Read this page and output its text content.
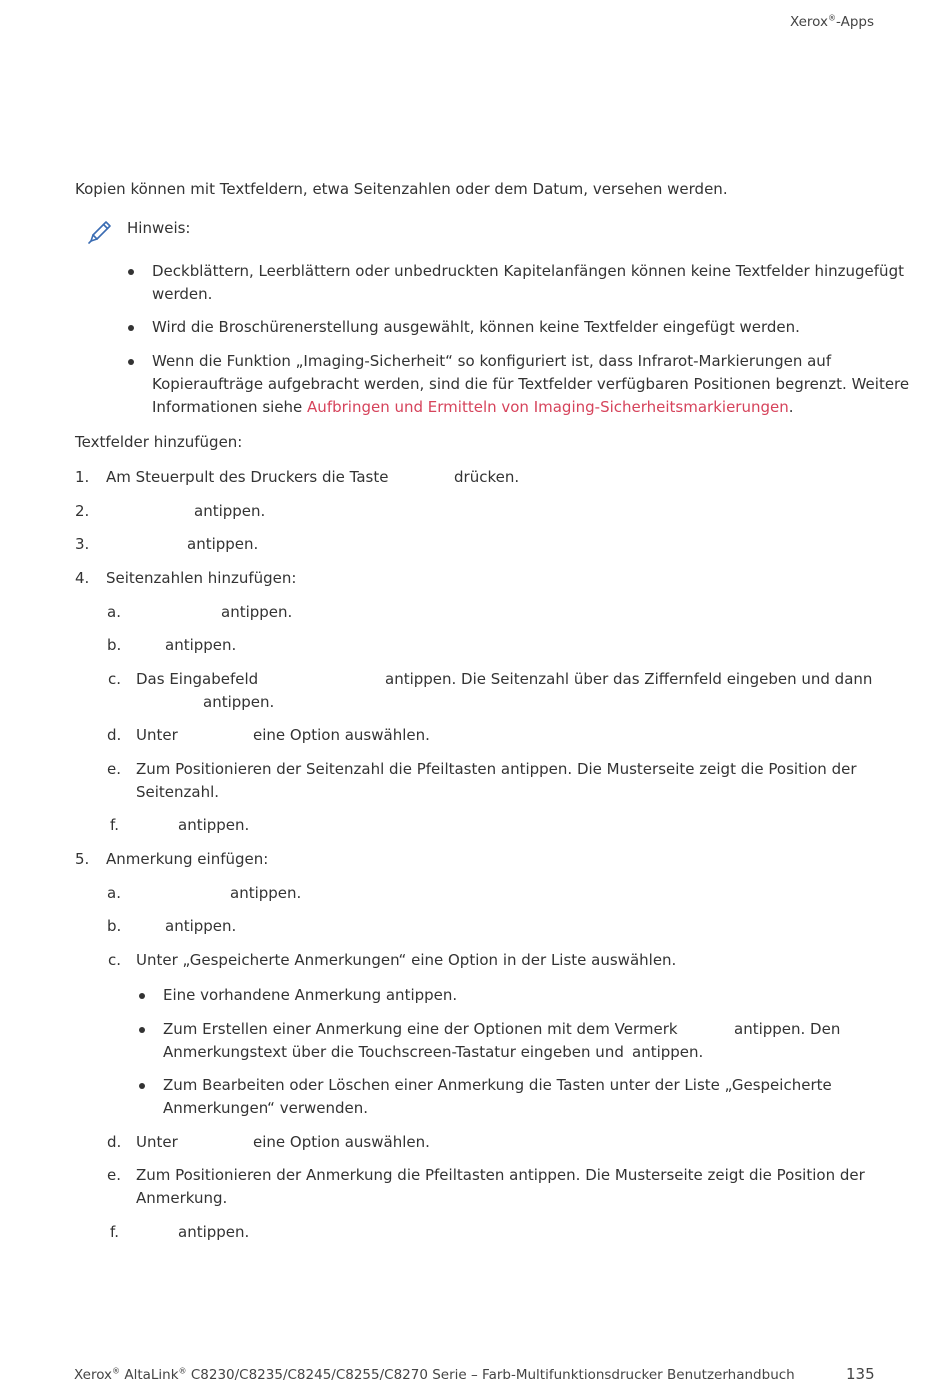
Xerox®-Apps
Kopien können mit Textfeldern, etwa Seitenzahlen oder dem Datum, versehen werden.
Hinweis:
Deckblättern, Leerblättern oder unbedruckten Kapitelanfängen können keine Textfelder hinzugefügt
werden.
Wird die Broschürenerstellung ausgewählt, können keine Textfelder eingefügt werden.
Wenn die Funktion „Imaging-Sicherheit“ so konfiguriert ist, dass Infrarot-Markierungen auf
Kopieraufträge aufgebracht werden, sind die für Textfelder verfügbaren Positionen begrenzt. Weitere
Informationen siehe Aufbringen und Ermitteln von Imaging-Sicherheitsmarkierungen.
Textfelder hinzufügen:
1. Am Steuerpult des Druckers die Taste	drücken.
2.	antippen.
3.	antippen.
4. Seitenzahlen hinzufügen:
a.	antippen.
b.	antippen.
c. Das Eingabefeld	antippen. Die Seitenzahl über das Ziffernfeld eingeben und dann
antippen.
d. Unter	eine Option auswählen.
e. Zum Positionieren der Seitenzahl die Pfeiltasten antippen. Die Musterseite zeigt die Position der
Seitenzahl.
f.	antippen.
5. Anmerkung einfügen:
a.	antippen.
b.	antippen.
c. Unter „Gespeicherte Anmerkungen“ eine Option in der Liste auswählen.
Eine vorhandene Anmerkung antippen.
Zum Erstellen einer Anmerkung eine der Optionen mit dem Vermerk	antippen. Den
Anmerkungstext über die Touchscreen-Tastatur eingeben und antippen.
Zum Bearbeiten oder Löschen einer Anmerkung die Tasten unter der Liste „Gespeicherte
Anmerkungen“ verwenden.
d. Unter	eine Option auswählen.
e. Zum Positionieren der Anmerkung die Pfeiltasten antippen. Die Musterseite zeigt die Position der
Anmerkung.
f.	antippen.
Xerox® AltaLink® C8230/C8235/C8245/C8255/C8270 Serie – Farb-Multifunktionsdrucker Benutzerhandbuch	135
